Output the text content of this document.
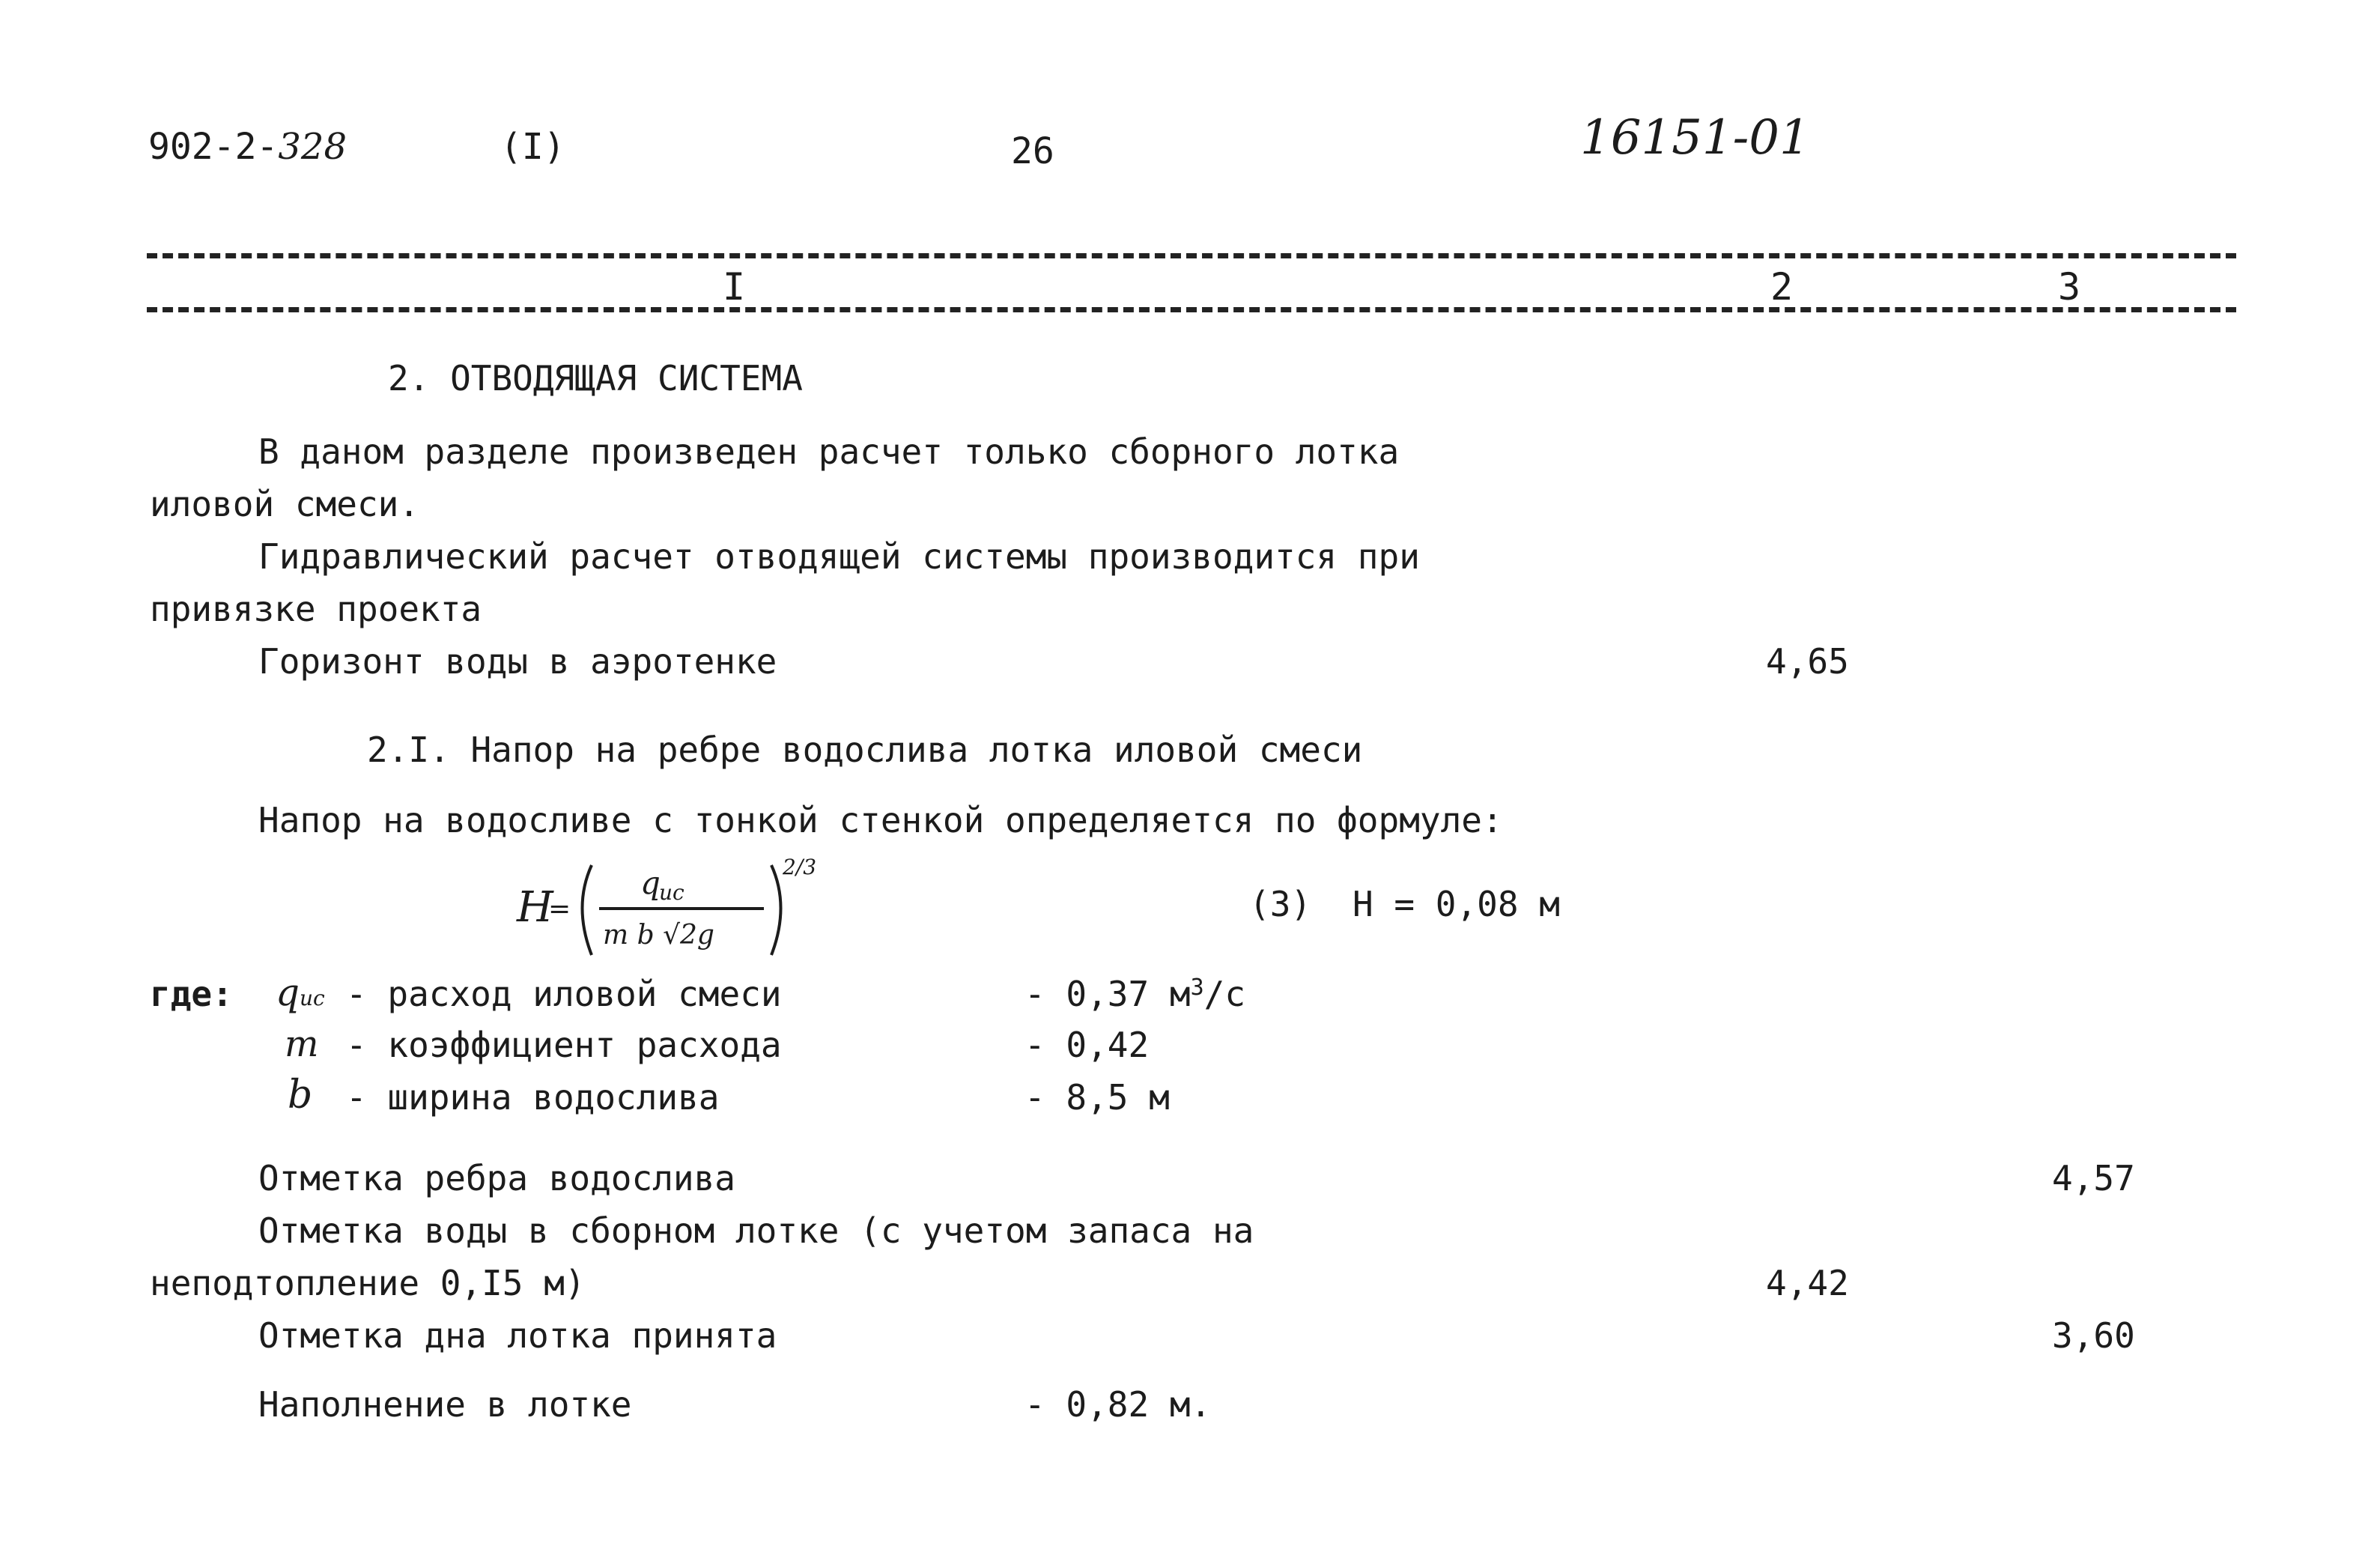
902-2-328	(I)	26	16151-01
I	2	3
2. ОТВОДЯЩАЯ СИСТЕМА
В даном разделе произведен расчет только сборного лотка
иловой смеси.
Гидравлический расчет отводящей системы производится при
привязке проекта
Горизонт воды в аэротенке	4,65
2.I. Напор на ребре водослива лотка иловой смеси
Напор на водосливе с тонкой стенкой определяется по формуле:
H
=
q
ис
m b √2g
2/3
(3) H = 0,08 м
где: qис - расход иловой смеси	- 0,37 $м^3/с$
m - коэффициент расхода	- 0,42
b - ширина водослива	- 8,5 м
Отметка ребра водослива	4,57
Отметка воды в сборном лотке (с учетом запаса на
неподтопление 0,I5 м)	4,42
Отметка дна лотка принята	3,60
Наполнение в лотке	- 0,82 м.
